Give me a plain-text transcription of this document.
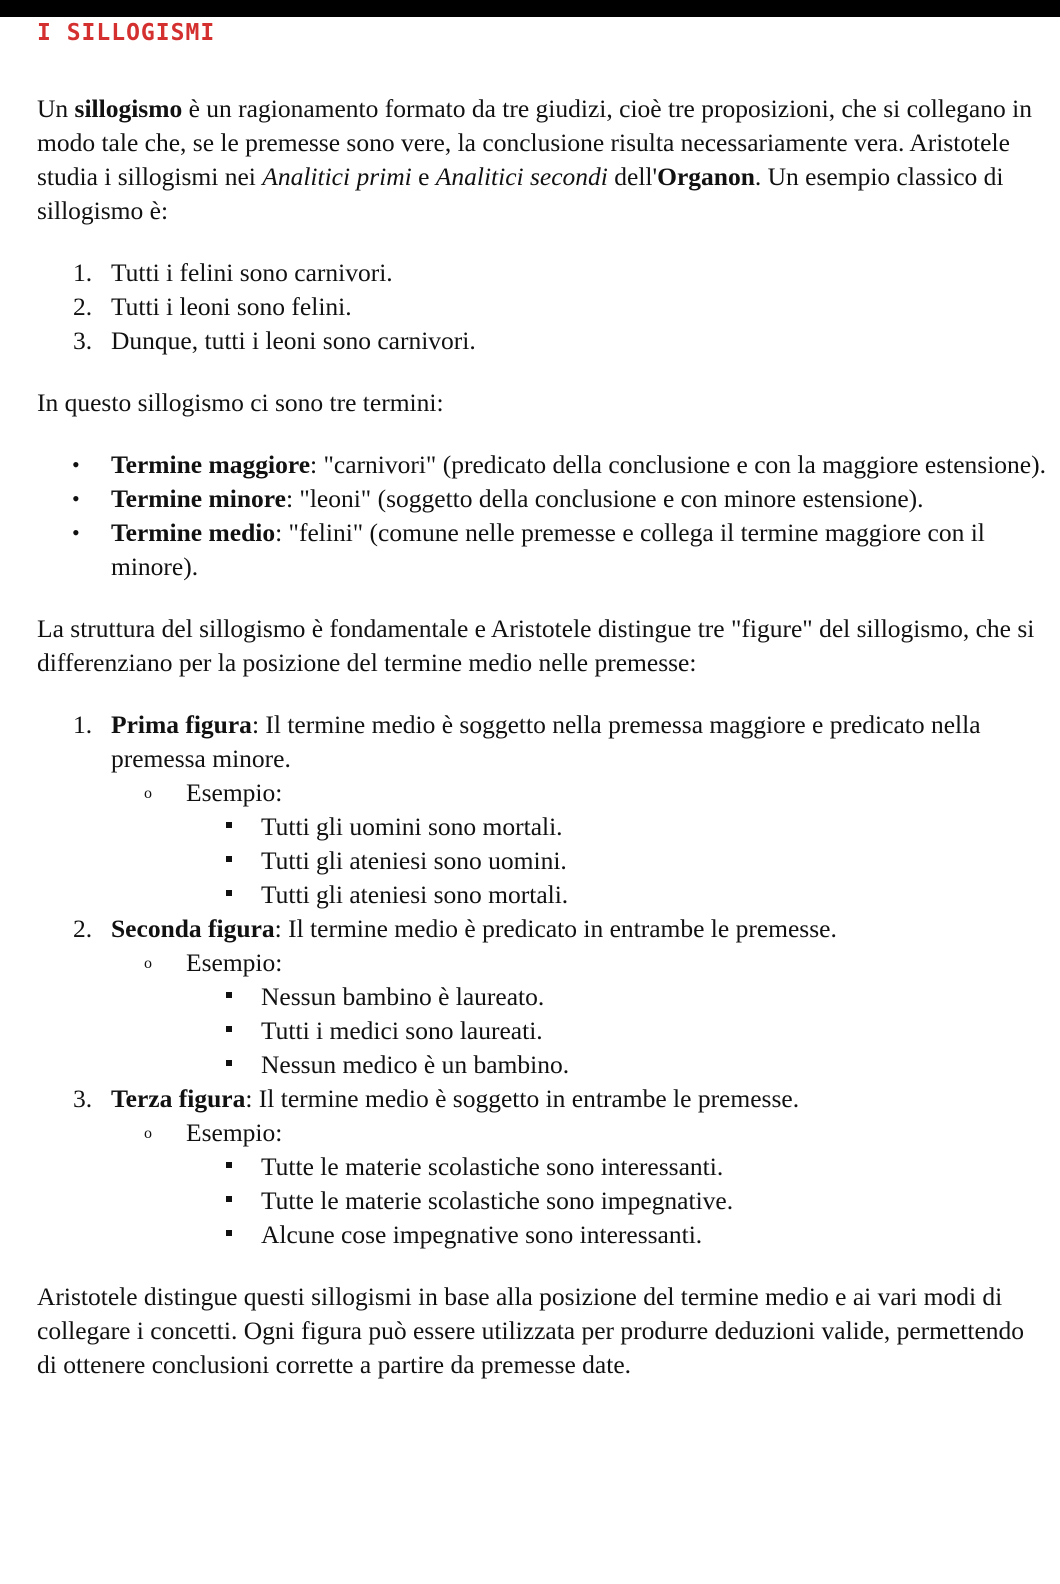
I SILLOGISMI

Un sillogismo è un ragionamento formato da tre giudizi, cioè tre proposizioni, che si collegano in modo tale che, se le premesse sono vere, la conclusione risulta necessariamente vera. Aristotele studia i sillogismi nei Analitici primi e Analitici secondi dell'Organon. Un esempio classico di sillogismo è:

1. Tutti i felini sono carnivori.
2. Tutti i leoni sono felini.
3. Dunque, tutti i leoni sono carnivori.

In questo sillogismo ci sono tre termini:

• Termine maggiore: "carnivori" (predicato della conclusione e con la maggiore estensione).
• Termine minore: "leoni" (soggetto della conclusione e con minore estensione).
• Termine medio: "felini" (comune nelle premesse e collega il termine maggiore con il minore).

La struttura del sillogismo è fondamentale e Aristotele distingue tre "figure" del sillogismo, che si differenziano per la posizione del termine medio nelle premesse:

1. Prima figura: Il termine medio è soggetto nella premessa maggiore e predicato nella premessa minore.
o Esempio:
Tutti gli uomini sono mortali.
Tutti gli ateniesi sono uomini.
Tutti gli ateniesi sono mortali.
2. Seconda figura: Il termine medio è predicato in entrambe le premesse.
o Esempio:
Nessun bambino è laureato.
Tutti i medici sono laureati.
Nessun medico è un bambino.
3. Terza figura: Il termine medio è soggetto in entrambe le premesse.
o Esempio:
Tutte le materie scolastiche sono interessanti.
Tutte le materie scolastiche sono impegnative.
Alcune cose impegnative sono interessanti.

Aristotele distingue questi sillogismi in base alla posizione del termine medio e ai vari modi di collegare i concetti. Ogni figura può essere utilizzata per produrre deduzioni valide, permettendo di ottenere conclusioni corrette a partire da premesse date.
